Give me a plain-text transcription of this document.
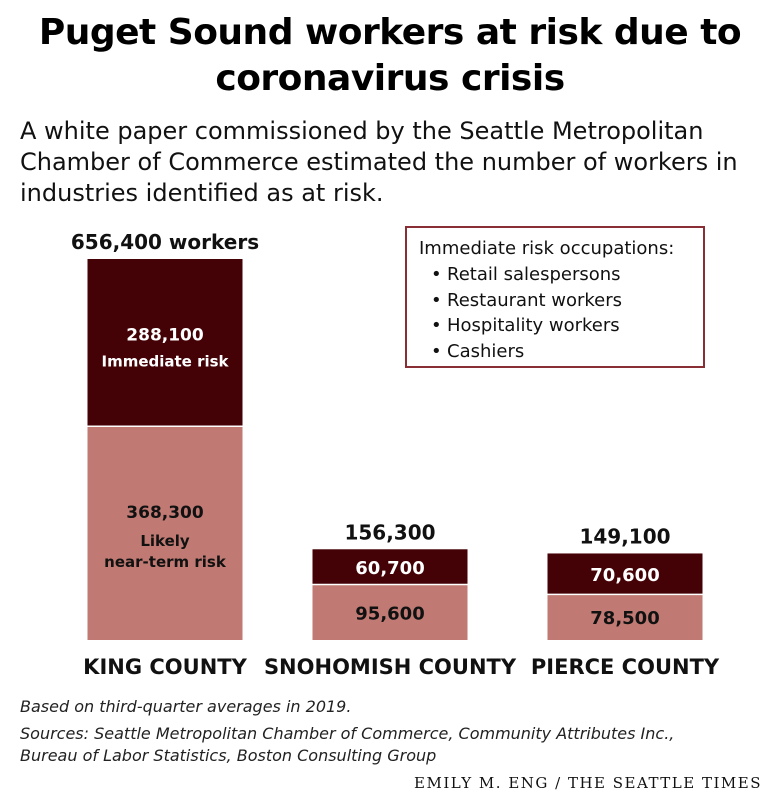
Puget Sound workers at risk due to coronavirus crisis
A white paper commissioned by the Seattle Metropolitan Chamber of Commerce estimated the number of workers in industries identified as at risk.
Immediate risk occupations:
• Retail salespersons
• Restaurant workers
• Hospitality workers
• Cashiers
656,400 workers
KING COUNTY
288,100
Immediate risk
368,300
Likely
near-term risk
156,300
SNOHOMISH COUNTY
60,700
95,600
149,100
PIERCE COUNTY
70,600
78,500
Based on third-quarter averages in 2019.
Sources: Seattle Metropolitan Chamber of Commerce, Community Attributes Inc.,
Bureau of Labor Statistics, Boston Consulting Group
EMILY M. ENG / THE SEATTLE TIMES
